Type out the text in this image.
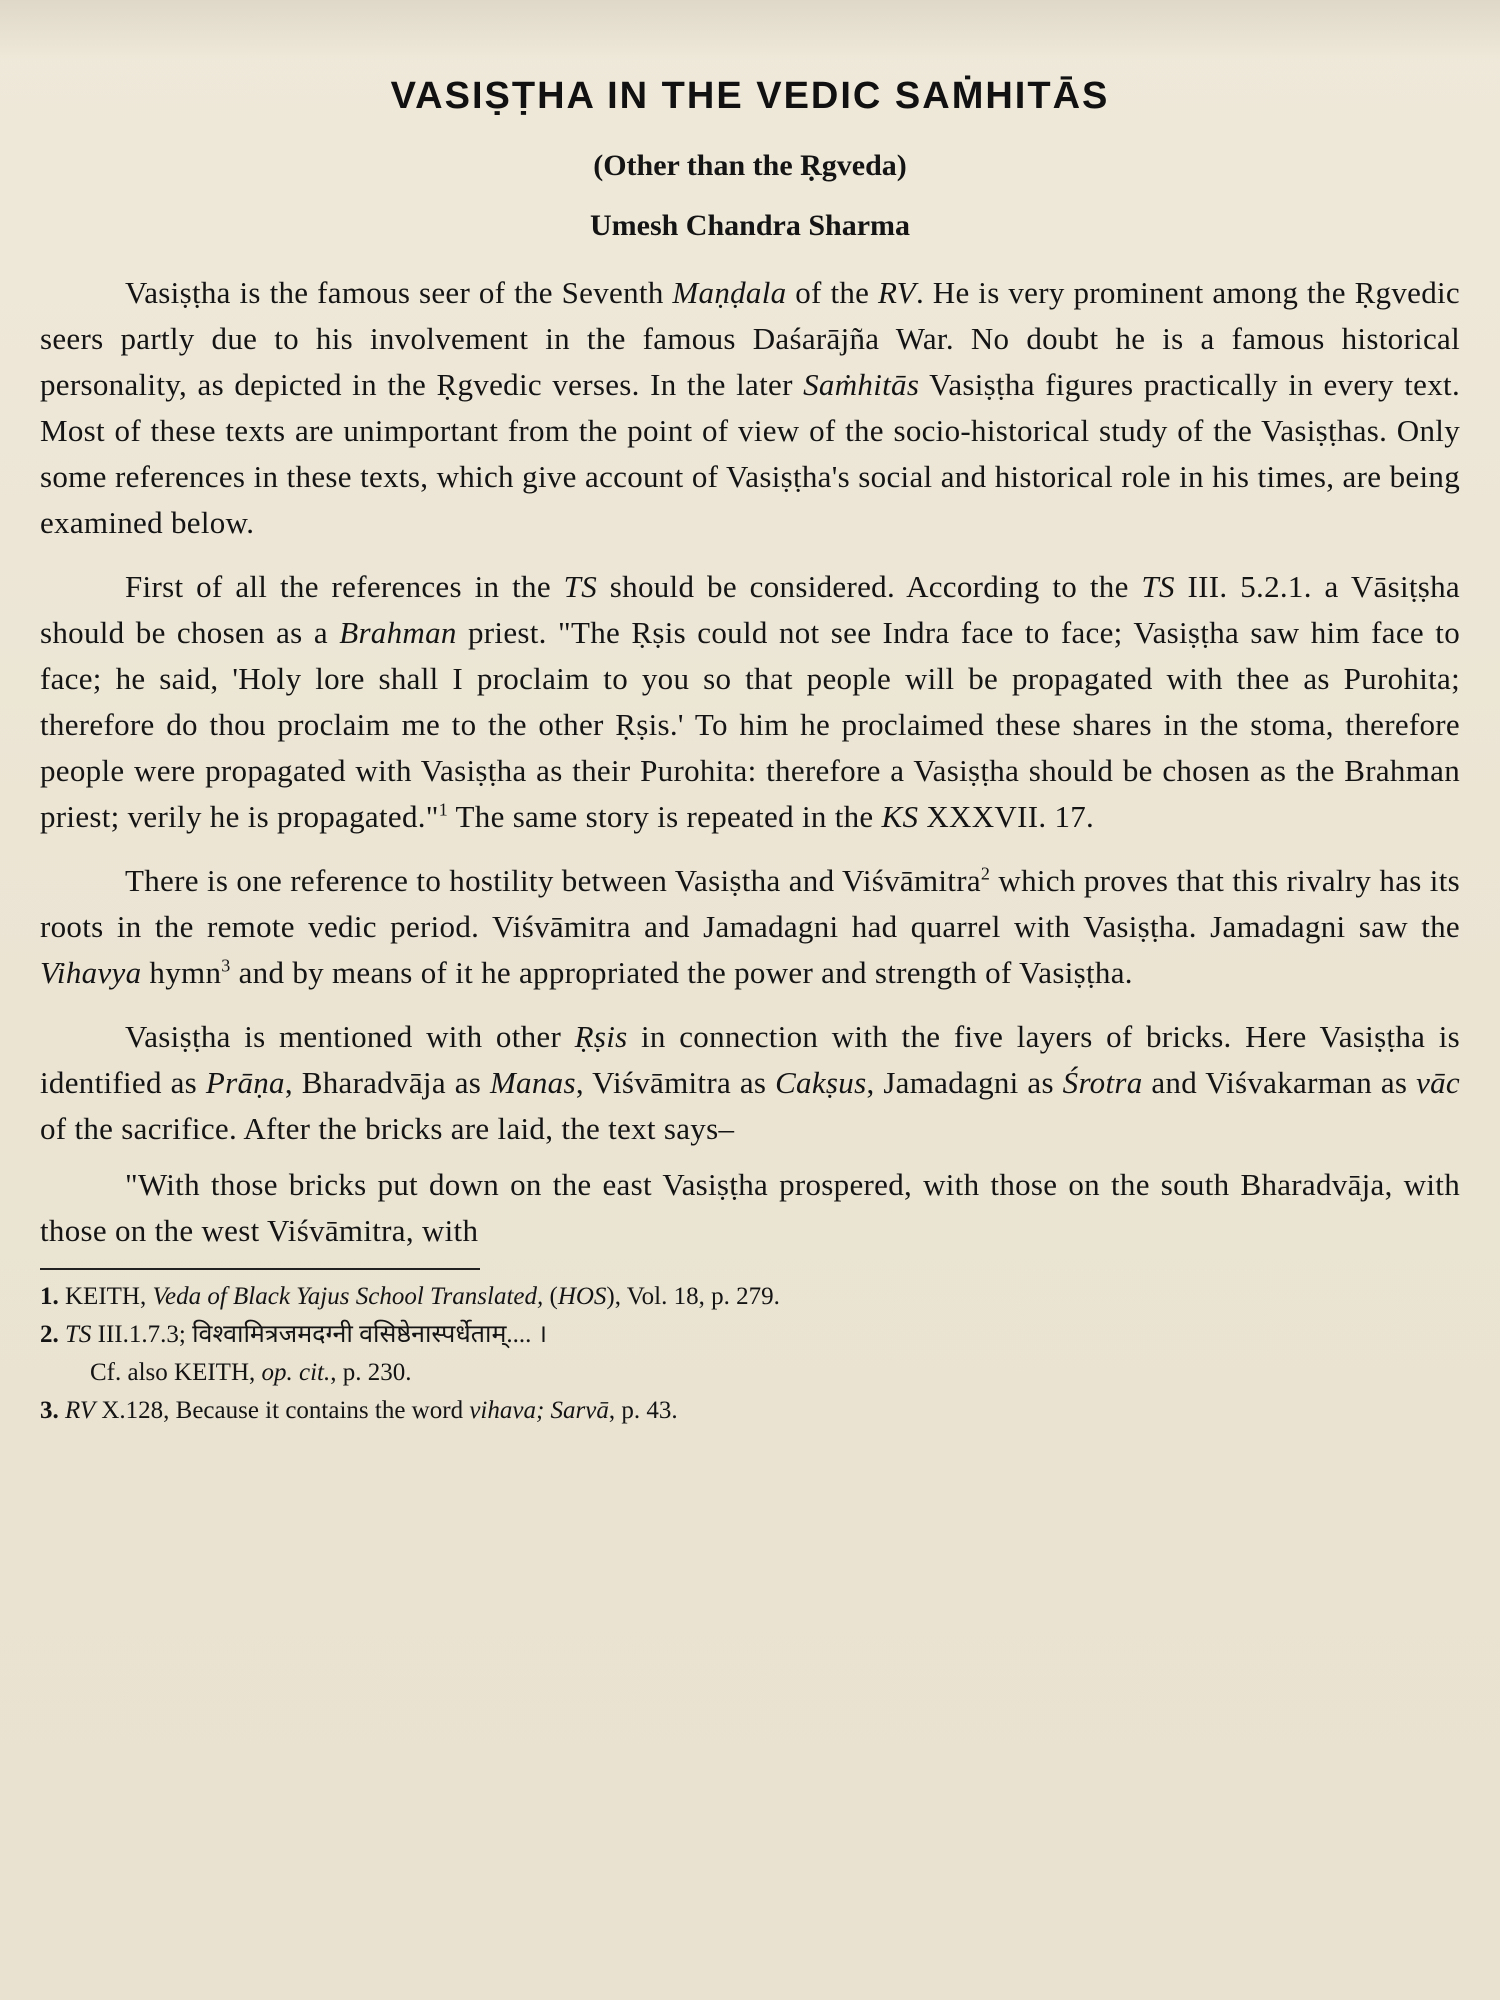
VASIṢṬHA IN THE VEDIC SAṀHITĀS
(Other than the Ṛgveda)
Umesh Chandra Sharma

Vasiṣṭha is the famous seer of the Seventh Maṇḍala of the RV. He is very prominent among the Ṛgvedic seers partly due to his involvement in the famous Daśarājña War. No doubt he is a famous historical personality, as depicted in the Ṛgvedic verses. In the later Saṁhitās Vasiṣṭha figures practically in every text. Most of these texts are unimportant from the point of view of the socio-historical study of the Vasiṣṭhas. Only some references in these texts, which give account of Vasiṣṭha's social and historical role in his times, are being examined below.

First of all the references in the TS should be considered. According to the TS III. 5.2.1. a Vāsiṭṣha should be chosen as a Brahman priest. "The Ṛṣis could not see Indra face to face; Vasiṣṭha saw him face to face; he said, 'Holy lore shall I proclaim to you so that people will be propagated with thee as Purohita; therefore do thou proclaim me to the other Ṛṣis.' To him he proclaimed these shares in the stoma, therefore people were propagated with Vasiṣṭha as their Purohita: therefore a Vasiṣṭha should be chosen as the Brahman priest; verily he is propagated."$^1$ The same story is repeated in the KS XXXVII. 17.

There is one reference to hostility between Vasiṣtha and Viśvāmitra$^2$ which proves that this rivalry has its roots in the remote vedic period. Viśvāmitra and Jamadagni had quarrel with Vasiṣṭha. Jamadagni saw the Vihavya hymn$^3$ and by means of it he appropriated the power and strength of Vasiṣṭha.

Vasiṣṭha is mentioned with other Ṛṣis in connection with the five layers of bricks. Here Vasiṣṭha is identified as Prāṇa, Bharadvāja as Manas, Viśvāmitra as Cakṣus, Jamadagni as Śrotra and Viśvakarman as vāc of the sacrifice. After the bricks are laid, the text says–

"With those bricks put down on the east Vasiṣṭha prospered, with those on the south Bharadvāja, with those on the west Viśvāmitra, with

1. KEITH, Veda of Black Yajus School Translated, (HOS), Vol. 18, p. 279.

2. TS III.1.7.3; विश्वामित्रजमदग्नी वसिष्ठेनास्पर्धेताम्.... ।

Cf. also KEITH, op. cit., p. 230.

3. RV X.128, Because it contains the word vihava; Sarvā, p. 43.
